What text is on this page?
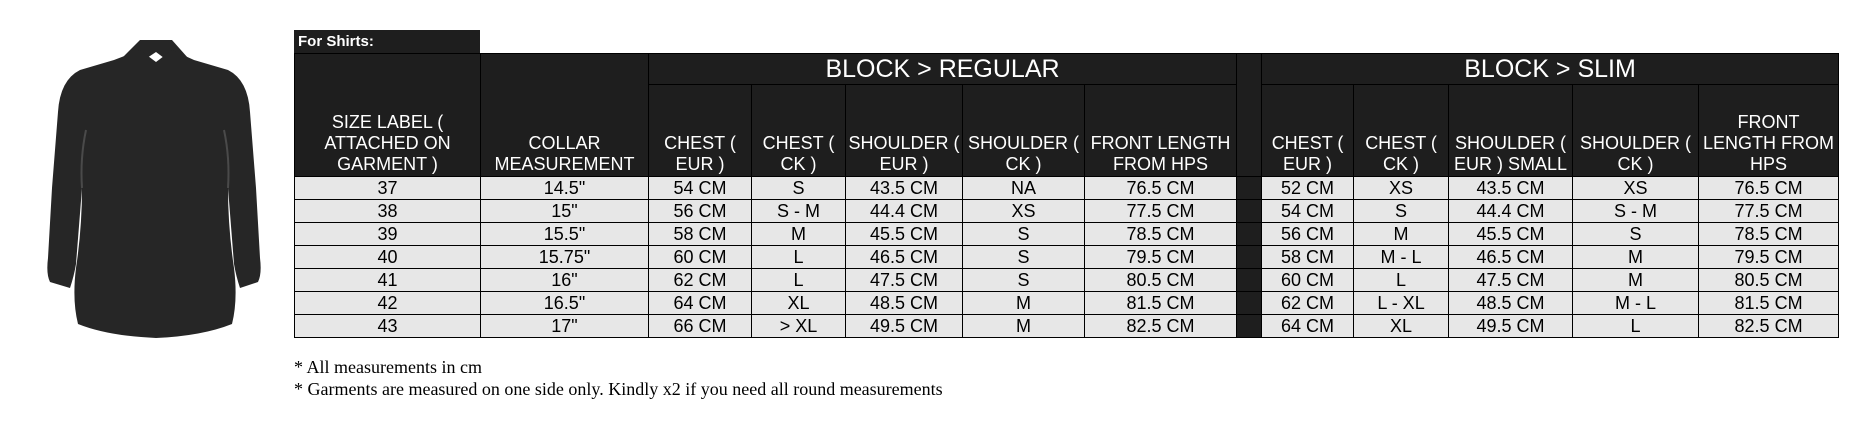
For Shirts:
SIZE LABEL ( ATTACHED ON GARMENT )	COLLAR MEASUREMENT	BLOCK > REGULAR						BLOCK > SLIM				
		CHEST ( EUR )	CHEST ( CK )	SHOULDER ( EUR )	SHOULDER ( CK )	FRONT LENGTH FROM HPS		CHEST ( EUR )	CHEST ( CK )	SHOULDER ( EUR ) SMALL	SHOULDER ( CK )	FRONT LENGTH FROM HPS
37	14.5"	54 CM	S	43.5 CM	NA	76.5 CM		52 CM	XS	43.5 CM	XS	76.5 CM
38	15"	56 CM	S - M	44.4 CM	XS	77.5 CM		54 CM	S	44.4 CM	S - M	77.5 CM
39	15.5"	58 CM	M	45.5 CM	S	78.5 CM		56 CM	M	45.5 CM	S	78.5 CM
40	15.75"	60 CM	L	46.5 CM	S	79.5 CM		58 CM	M - L	46.5 CM	M	79.5 CM
41	16"	62 CM	L	47.5 CM	S	80.5 CM		60 CM	L	47.5 CM	M	80.5 CM
42	16.5"	64 CM	XL	48.5 CM	M	81.5 CM		62 CM	L - XL	48.5 CM	M - L	81.5 CM
43	17"	66 CM	> XL	49.5 CM	M	82.5 CM		64 CM	XL	49.5 CM	L	82.5 CM
* All measurements in cm
* Garments are measured on one side only. Kindly x2 if you need all round measurements
